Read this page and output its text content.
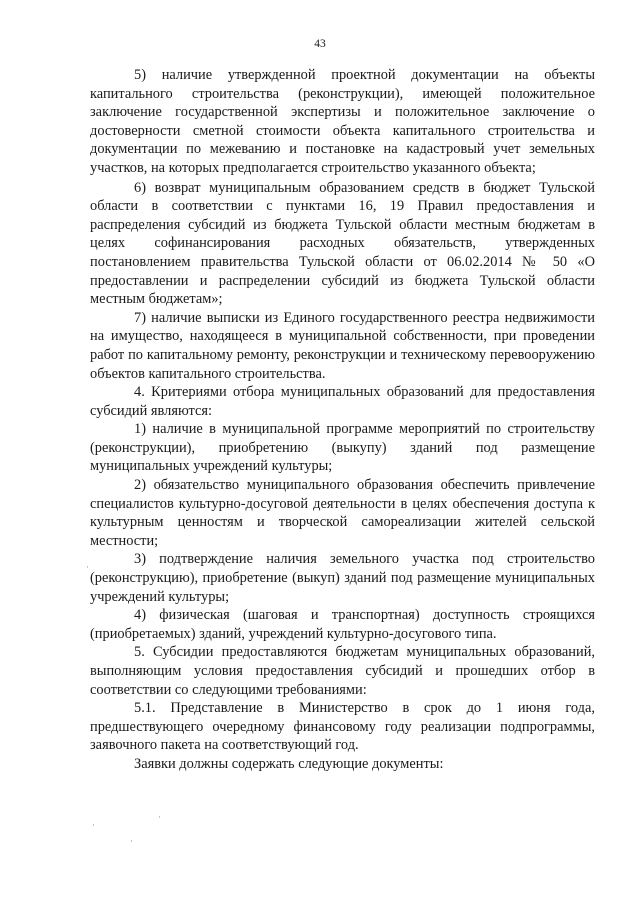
43

5) наличие утвержденной проектной документации на объекты капитального строительства (реконструкции), имеющей положительное заключение государственной экспертизы и положительное заключение о достоверности сметной стоимости объекта капитального строительства и документации по межеванию и постановке на кадастровый учет земельных участков, на которых предполагается строительство указанного объекта;

6) возврат муниципальным образованием средств в бюджет Тульской области в соответствии с пунктами 16, 19 Правил предоставления и распределения субсидий из бюджета Тульской области местным бюджетам в целях софинансирования расходных обязательств, утвержденных постановлением правительства Тульской области от 06.02.2014 № 50 «О предоставлении и распределении субсидий из бюджета Тульской области местным бюджетам»;

7) наличие выписки из Единого государственного реестра недвижимости на имущество, находящееся в муниципальной собственности, при проведении работ по капитальному ремонту, реконструкции и техническому перевооружению объектов капитального строительства.

4. Критериями отбора муниципальных образований для предоставления субсидий являются:

1) наличие в муниципальной программе мероприятий по строительству (реконструкции), приобретению (выкупу) зданий под размещение муниципальных учреждений культуры;

2) обязательство муниципального образования обеспечить привлечение специалистов культурно-досуговой деятельности в целях обеспечения доступа к культурным ценностям и творческой самореализации жителей сельской местности;

3) подтверждение наличия земельного участка под строительство (реконструкцию), приобретение (выкуп) зданий под размещение муниципальных учреждений культуры;

4) физическая (шаговая и транспортная) доступность строящихся (приобретаемых) зданий, учреждений культурно-досугового типа.

5. Субсидии предоставляются бюджетам муниципальных образований, выполняющим условия предоставления субсидий и прошедших отбор в соответствии со следующими требованиями:

5.1. Представление в Министерство в срок до 1 июня года, предшествующего очередному финансовому году реализации подпрограммы, заявочного пакета на соответствующий год.

Заявки должны содержать следующие документы:

·
·
·
·
